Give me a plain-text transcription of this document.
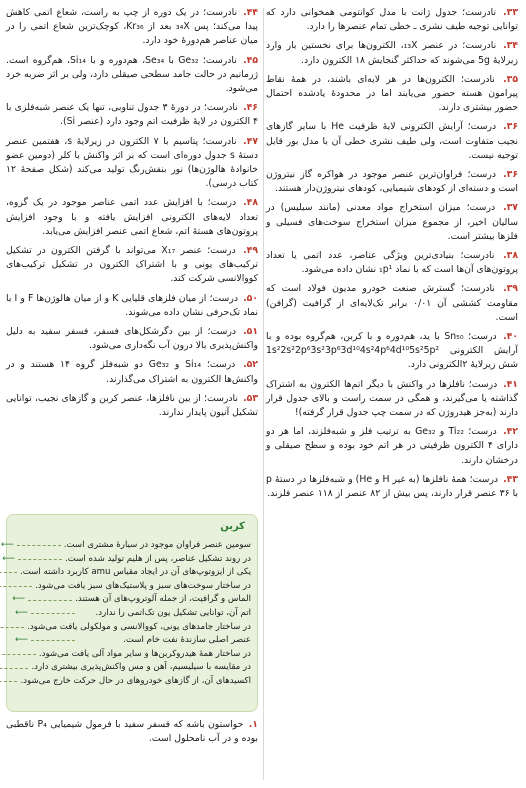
۳۳. نادرست؛ جدول ژانت با مدل کوانتومی همخوانی دارد که توانایی توجیه طیف نشری ـ خطی تمام عنصرها را دارد.

۳۴. نادرست؛ در عنصر ₁₃X، الکترون‌ها برای نخستین بار وارد زیرلایهٔ 5g می‌شوند که حداکثر گنجایش ۱۸ الکترون دارد.

۳۵. نادرست؛ الکترون‌ها در هر لایه‌ای باشند، در همهٔ نقاط پیرامون هسته حضور می‌یابند اما در محدودهٔ یادشده احتمال حضور بیشتری دارند.

۳۶. درست؛ آرایش الکترونی لایهٔ ظرفیت He با سایر گازهای نجیب متفاوت است، ولی طیف نشری خطی آن با مدل بور قابل توجیه نیست.

۳۶. درست؛ فراوان‌ترین عنصر موجود در هواکره گاز نیتروژن است و دسته‌ای از کودهای شیمیایی، کودهای نیتروژن‌دار هستند.

۳۷. درست؛ میزان استخراج مواد معدنی (مانند سیلیس) در سالیان اخیر، از مجموع میزان استخراج سوخت‌های فسیلی و فلزها بیشتر است.

۳۸. نادرست؛ بنیادی‌ترین ویژگی عناصر، عدد اتمی یا تعداد پروتون‌های آن‌ها است که با نماد ₁p¹ نشان داده می‌شود.

۳۹. نادرست؛ گسترش صنعت خودرو مدیون فولاد است که مقاومت کششی آن ۰/۰۱ برابر تک‌لایه‌ای از گرافیت (گرافن) است.

۴۰. درست؛ Sn₅₀ با ید، هم‌دوره و با کربن، هم‌گروه بوده و با آرایش الکترونی 1s²2s²2p⁶3s²3p⁶3d¹⁰4s²4p⁶4d¹⁰5s²5p² شش زیرلایهٔ ۲الکترونی دارد.

۴۱. درست؛ نافلزها در واکنش با دیگر اتم‌ها الکترون به اشتراک گذاشته یا می‌گیرند، و همگی در سمت راست و بالای جدول قرار دارند (به‌جز هیدروژن که در سمت چپ جدول قرار گرفته)!

۴۲. درست؛ Ti₂₂ و Ge₃₂ به ترتیب فلز و شبه‌فلزند، اما هر دو دارای ۴ الکترون ظرفیتی در هر اتم خود بوده و سطح صیقلی و درخشان دارند.

۴۳. درست؛ همهٔ نافلزها (به غیر H و He) و شبه‌فلزها در دستهٔ p با ۳۶ عنصر قرار دارند، پس بیش از ۸۲ عنصر از ۱۱۸ عنصر فلزند.

۴۴. نادرست؛ در یک دوره از چپ به راست، شعاع اتمی کاهش پیدا می‌کند؛ پس ₃₄X بعد از Kr₃₆، کوچک‌ترین شعاع اتمی را در میان عناصر هم‌دورهٔ خود دارد.

۴۵. نادرست؛ Ge₃₂ با Se₃₄، هم‌دوره و با Si₁₄، هم‌گروه است. ژرمانیم در حالت جامد سطحی صیقلی دارد، ولی بر اثر ضربه خرد می‌شود.

۴۶. نادرست؛ در دورهٔ ۳ جدول تناوبی، تنها یک عنصر شبه‌فلزی با ۴ الکترون در لایهٔ ظرفیت اتم وجود دارد (عنصر Si).

۴۷. نادرست؛ پتاسیم با ۷ الکترون در زیرلایهٔ s، هفتمین عنصر دستهٔ s جدول دوره‌ای است که بر اثر واکنش با کلر (دومین عضو خانوادهٔ هالوژن‌ها) نور بنفش‌رنگ تولید می‌کند (شکل صفحهٔ ۱۲ کتاب درسی).

۴۸. درست؛ با افزایش عدد اتمی عناصر موجود در یک گروه، تعداد لایه‌های الکترونی افزایش یافته و با وجود افزایش پروتون‌های هستهٔ اتم، شعاع اتمی عنصر افزایش می‌یابد.

۴۹. درست؛ عنصر X₁₇ می‌تواند با گرفتن الکترون در تشکیل ترکیب‌های یونی و با اشتراک الکترون در تشکیل ترکیب‌های کووالانسی شرکت کند.

۵۰. درست؛ از میان فلزهای قلیایی K و از میان هالوژن‌ها F و I با نماد تک‌حرفی نشان داده می‌شوند.

۵۱. درست؛ از بین دگرشکل‌های فسفر، فسفر سفید به دلیل واکنش‌پذیری بالا درون آب نگه‌داری می‌شود.

۵۲. درست؛ Si₁₄ و Ge₃₂ دو شبه‌فلز گروه ۱۴ هستند و در واکنش‌ها الکترون به اشتراک می‌گذارند.

۵۳. نادرست؛ از بین نافلزها، عنصر کربن و گازهای نجیب، توانایی تشکیل آنیون پایدار ندارند.

کربن
سومین عنصر فراوان موجود در سیارهٔ مشتری است.
⟵
در روند تشکیل عناصر، پس از هلیم تولید شده است.
⟵
یکی از ایزوتوپ‌های آن در ایجاد مقیاس amu کاربرد داشته است.
در ساختار سوخت‌های سبز و پلاستیک‌های سبز یافت می‌شود.
الماس و گرافیت، از جمله آلوتروپ‌های آن هستند.
⟵
اتم آن، توانایی تشکیل یون تک‌اتمی را ندارد.
⟵
در ساختار جامدهای یونی، کووالانسی و مولکولی یافت می‌شود.
عنصر اصلی سازندهٔ نفت خام است.
⟵
در ساختار همهٔ هیدروکربن‌ها و سایر مواد آلی یافت می‌شود.
در مقایسه با سیلیسیم، آهن و مس واکنش‌پذیری بیشتری دارد.
اکسیدهای آن، از گازهای خودروهای در حال حرکت خارج می‌شود.
۱. حواستون باشه که فسفر سفید با فرمول شیمیایی P₄ ناقطبی بوده و در آب نامحلول است.
